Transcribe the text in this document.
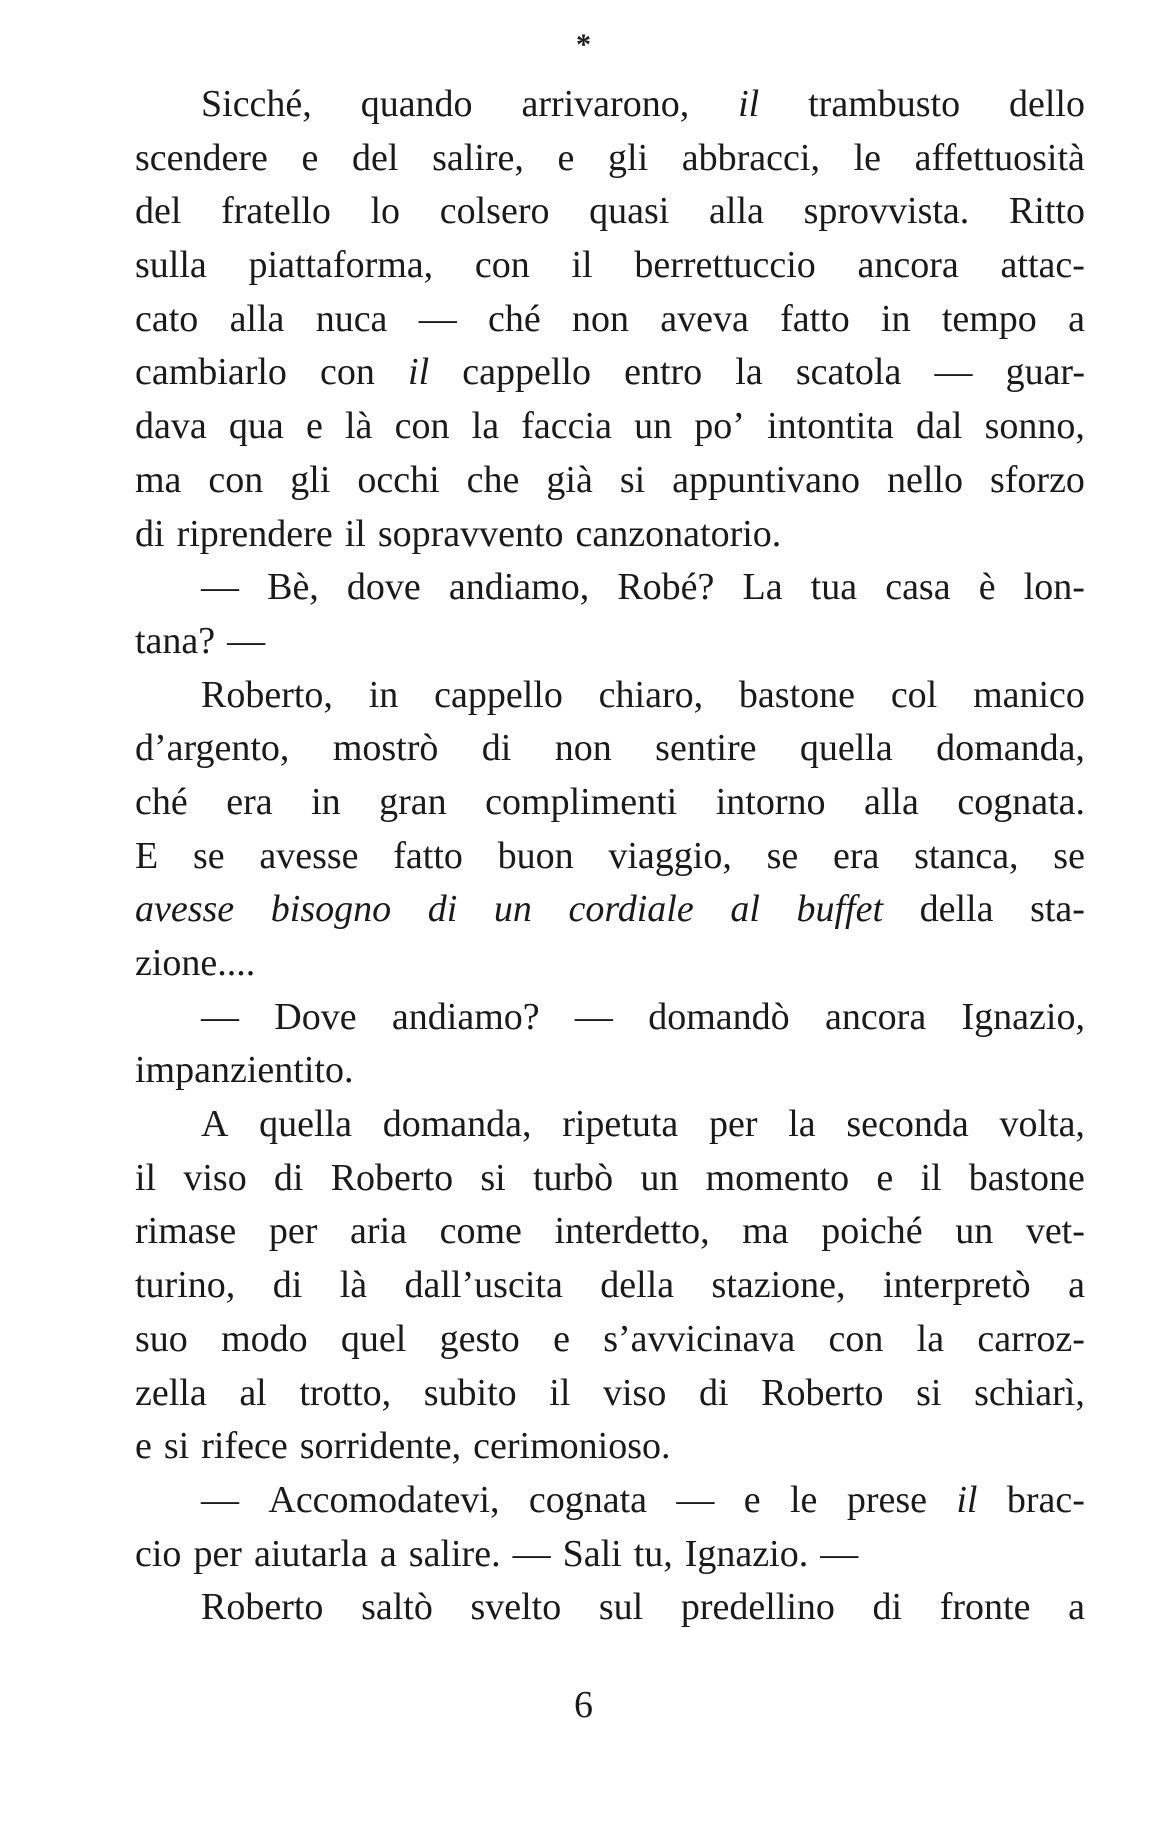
*
Sicché, quando arrivarono, il trambusto dello
scendere e del salire, e gli abbracci, le affettuosità
del fratello lo colsero quasi alla sprovvista. Ritto
sulla piattaforma, con il berrettuccio ancora attac-
cato alla nuca — ché non aveva fatto in tempo a
cambiarlo con il cappello entro la scatola — guar-
dava qua e là con la faccia un po’ intontita dal sonno,
ma con gli occhi che già si appuntivano nello sforzo
di riprendere il sopravvento canzonatorio.
— Bè, dove andiamo, Robé? La tua casa è lon-
tana? —
Roberto, in cappello chiaro, bastone col manico
d’argento, mostrò di non sentire quella domanda,
ché era in gran complimenti intorno alla cognata.
E se avesse fatto buon viaggio, se era stanca, se
avesse bisogno di un cordiale al buffet della sta-
zione....
— Dove andiamo? — domandò ancora Ignazio,
impanzientito.
A quella domanda, ripetuta per la seconda volta,
il viso di Roberto si turbò un momento e il bastone
rimase per aria come interdetto, ma poiché un vet-
turino, di là dall’uscita della stazione, interpretò a
suo modo quel gesto e s’avvicinava con la carroz-
zella al trotto, subito il viso di Roberto si schiarì,
e si rifece sorridente, cerimonioso.
— Accomodatevi, cognata — e le prese il brac-
cio per aiutarla a salire. — Sali tu, Ignazio. —
Roberto saltò svelto sul predellino di fronte a
6
